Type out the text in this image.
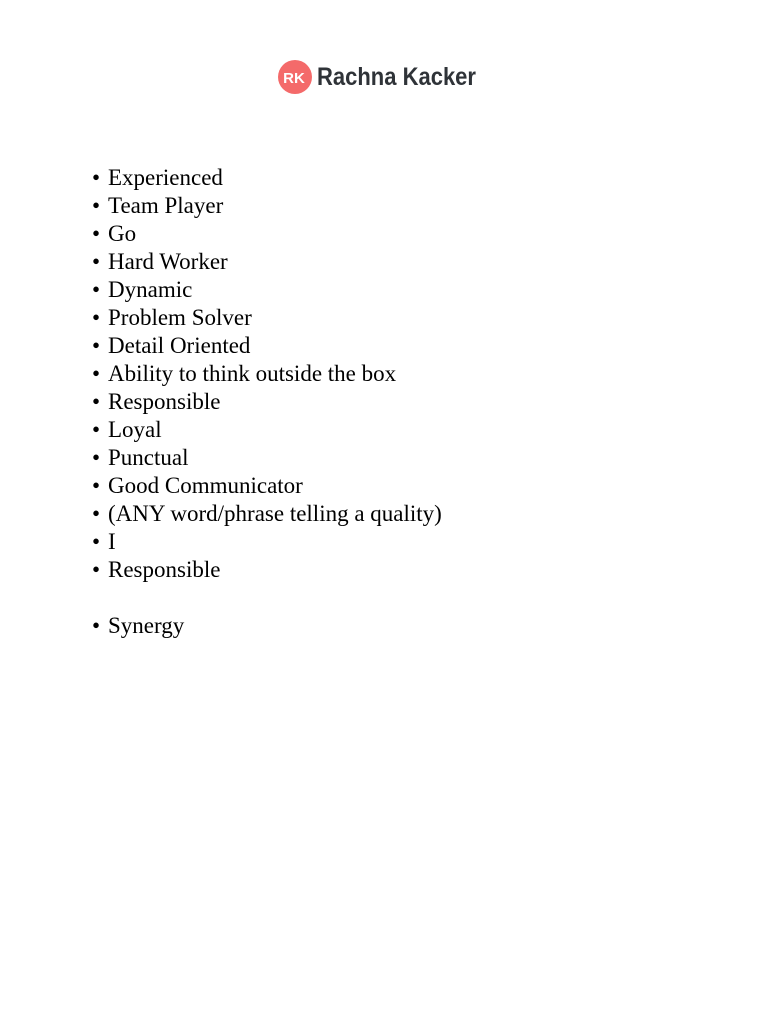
RK Rachna Kacker
• Experienced
• Team Player
• Go
• Hard Worker
• Dynamic
• Problem Solver
• Detail Oriented
• Ability to think outside the box
• Responsible
• Loyal
• Punctual
• Good Communicator
• (ANY word/phrase telling a quality)
• I
• Responsible
• Synergy
